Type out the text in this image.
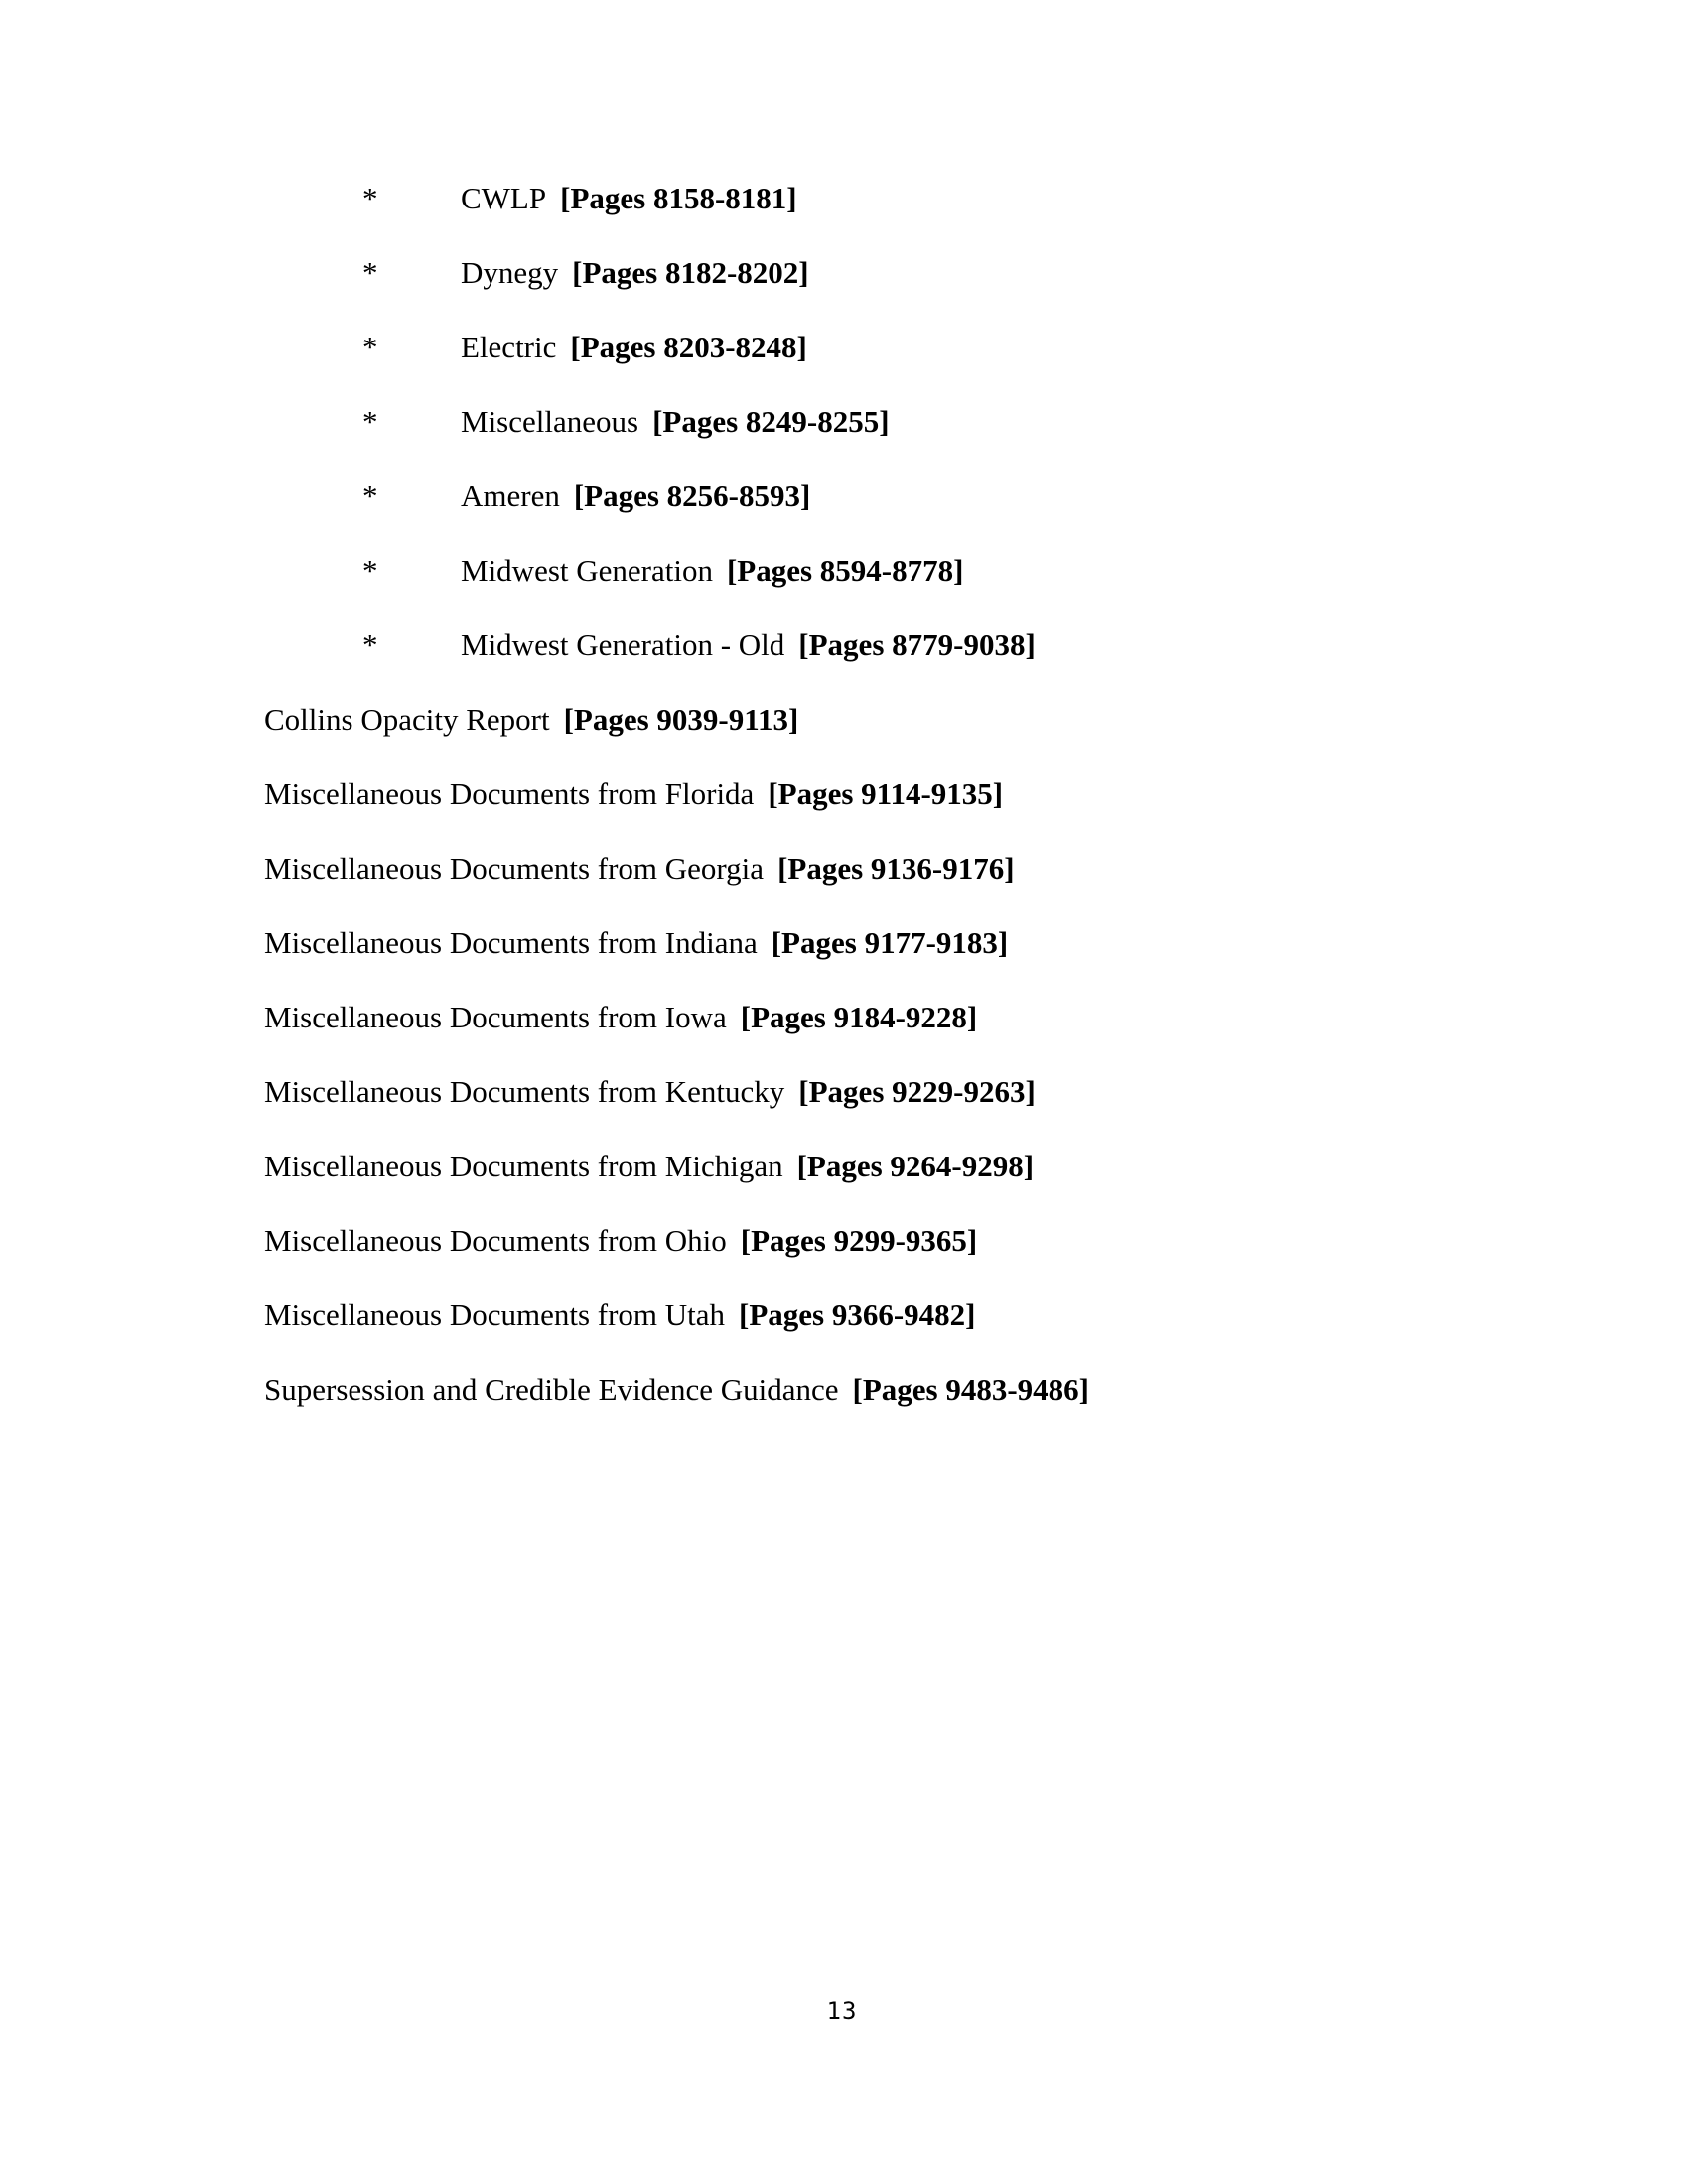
*	CWLP [Pages 8158-8181]
*	Dynegy [Pages 8182-8202]
*	Electric [Pages 8203-8248]
*	Miscellaneous [Pages 8249-8255]
*	Ameren [Pages 8256-8593]
*	Midwest Generation [Pages 8594-8778]
*	Midwest Generation - Old [Pages 8779-9038]
Collins Opacity Report [Pages 9039-9113]
Miscellaneous Documents from Florida [Pages 9114-9135]
Miscellaneous Documents from Georgia [Pages 9136-9176]
Miscellaneous Documents from Indiana [Pages 9177-9183]
Miscellaneous Documents from Iowa [Pages 9184-9228]
Miscellaneous Documents from Kentucky [Pages 9229-9263]
Miscellaneous Documents from Michigan [Pages 9264-9298]
Miscellaneous Documents from Ohio [Pages 9299-9365]
Miscellaneous Documents from Utah [Pages 9366-9482]
Supersession and Credible Evidence Guidance [Pages 9483-9486]
13
